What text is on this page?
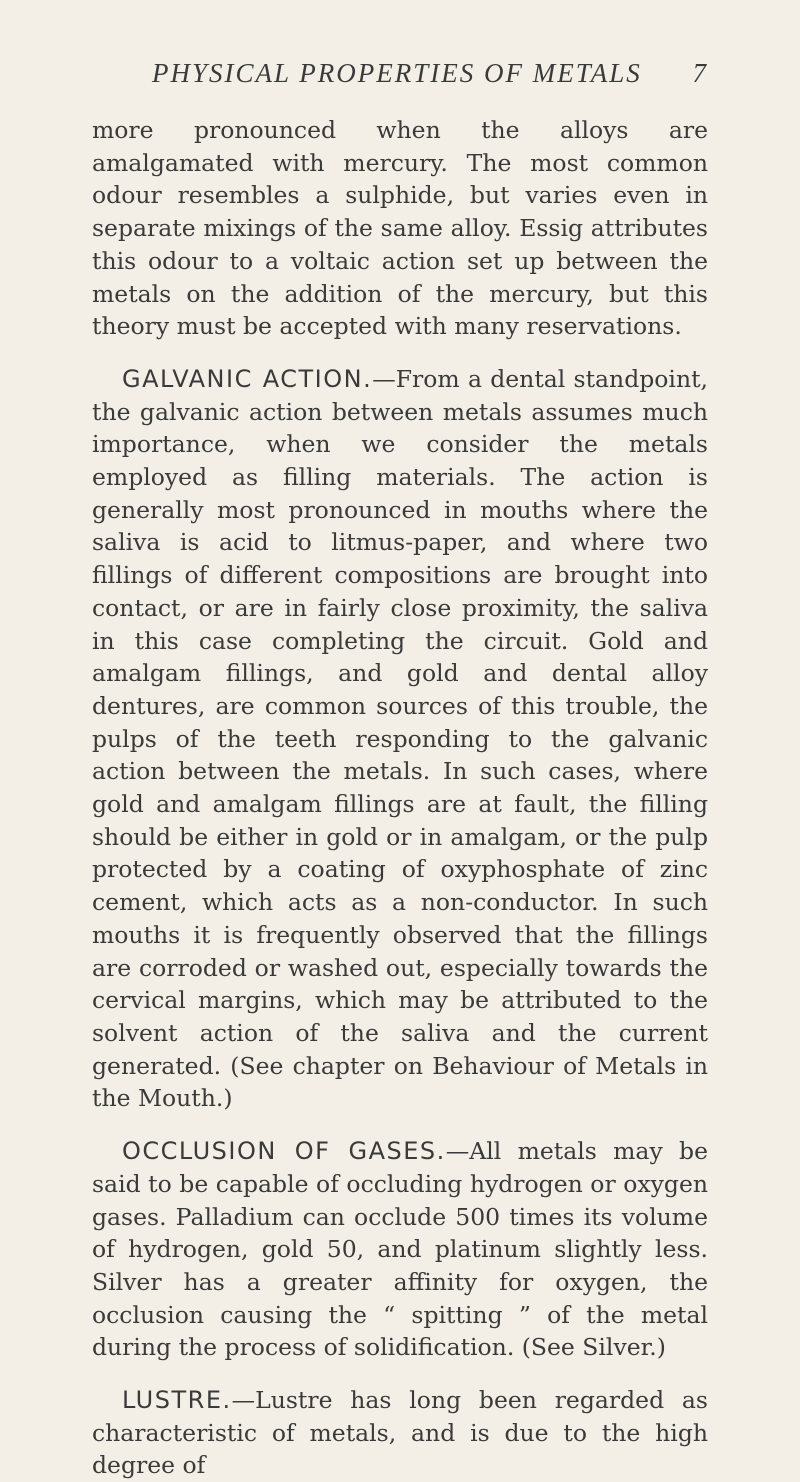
PHYSICAL PROPERTIES OF METALS 7

more pronounced when the alloys are amalgamated with mercury. The most common odour resembles a sulphide, but varies even in separate mixings of the same alloy. Essig attributes this odour to a voltaic action set up between the metals on the addition of the mercury, but this theory must be accepted with many reservations.

GALVANIC ACTION.—From a dental standpoint, the galvanic action between metals assumes much importance, when we consider the metals employed as filling materials. The action is generally most pronounced in mouths where the saliva is acid to litmus-paper, and where two fillings of different compositions are brought into contact, or are in fairly close proximity, the saliva in this case completing the circuit. Gold and amalgam fillings, and gold and dental alloy dentures, are common sources of this trouble, the pulps of the teeth responding to the galvanic action between the metals. In such cases, where gold and amalgam fillings are at fault, the filling should be either in gold or in amalgam, or the pulp protected by a coating of oxyphosphate of zinc cement, which acts as a non-conductor. In such mouths it is frequently observed that the fillings are corroded or washed out, especially towards the cervical margins, which may be attributed to the solvent action of the saliva and the current generated. (See chapter on Behaviour of Metals in the Mouth.)

OCCLUSION OF GASES.—All metals may be said to be capable of occluding hydrogen or oxygen gases. Palladium can occlude 500 times its volume of hydrogen, gold 50, and platinum slightly less. Silver has a greater affinity for oxygen, the occlusion causing the “ spitting ” of the metal during the process of solidification. (See Silver.)

LUSTRE.—Lustre has long been regarded as characteristic of metals, and is due to the high degree of
